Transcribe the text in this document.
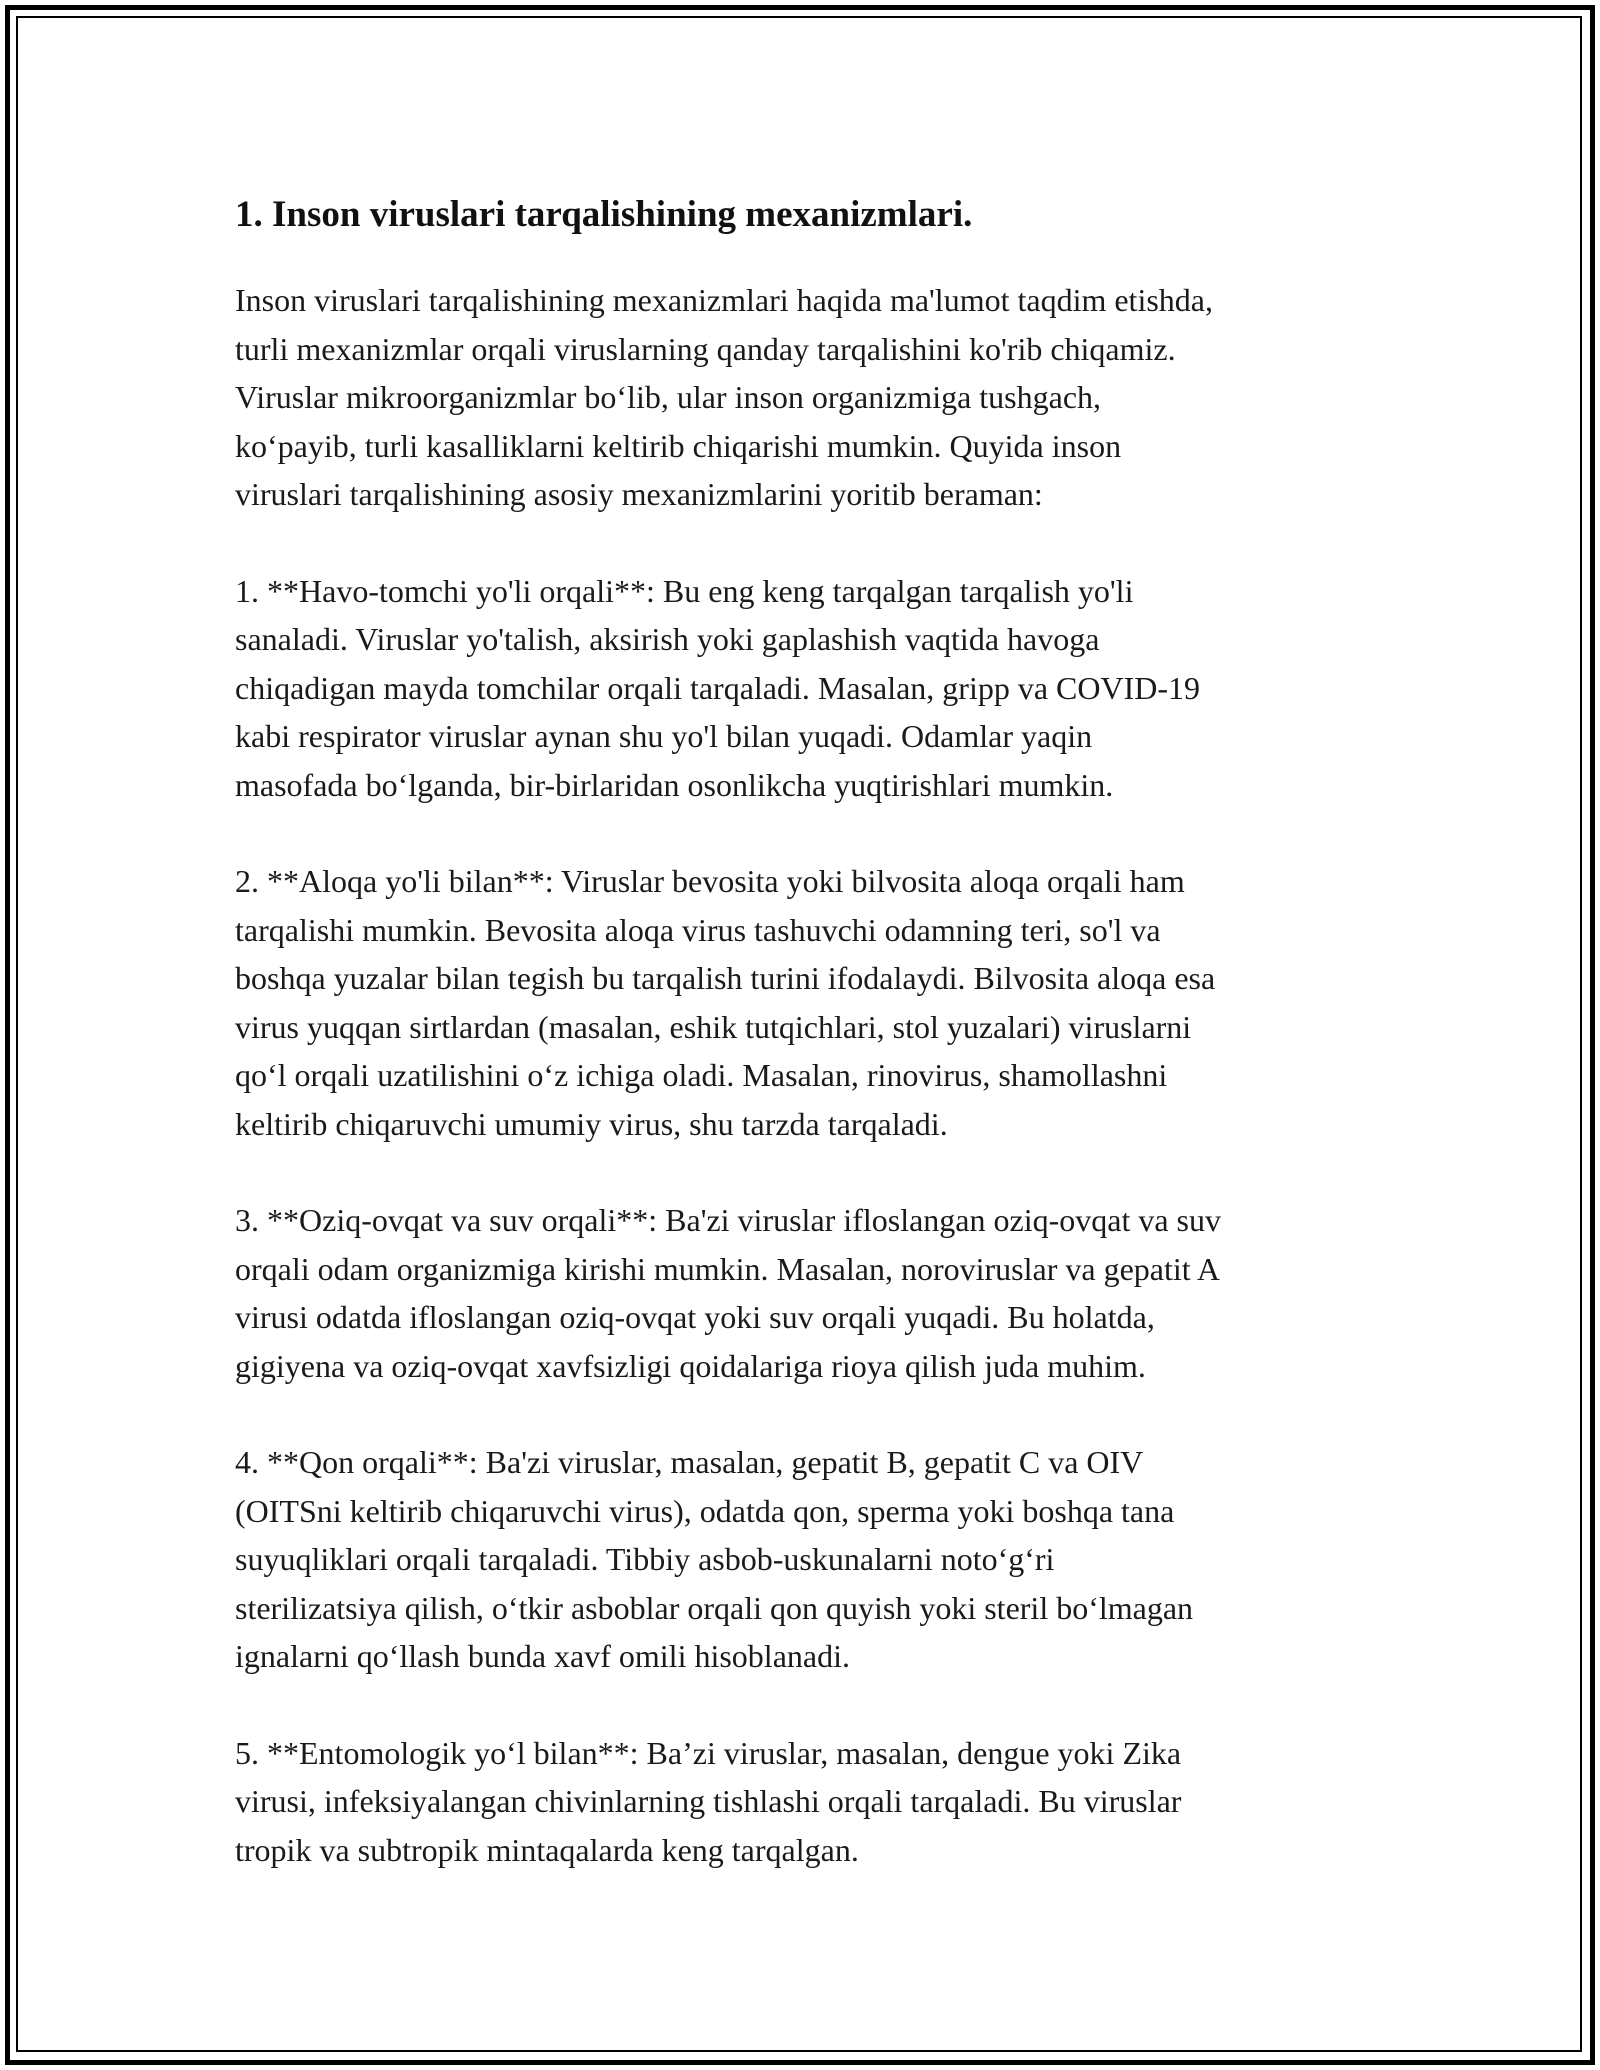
1. Inson viruslari tarqalishining mexanizmlari.

Inson viruslari tarqalishining mexanizmlari haqida ma'lumot taqdim etishda,
turli mexanizmlar orqali viruslarning qanday tarqalishini ko'rib chiqamiz.
Viruslar mikroorganizmlar bo‘lib, ular inson organizmiga tushgach,
ko‘payib, turli kasalliklarni keltirib chiqarishi mumkin. Quyida inson
viruslari tarqalishining asosiy mexanizmlarini yoritib beraman:

1. **Havo-tomchi yo'li orqali**: Bu eng keng tarqalgan tarqalish yo'li
sanaladi. Viruslar yo'talish, aksirish yoki gaplashish vaqtida havoga
chiqadigan mayda tomchilar orqali tarqaladi. Masalan, gripp va COVID-19
kabi respirator viruslar aynan shu yo'l bilan yuqadi. Odamlar yaqin
masofada bo‘lganda, bir-birlaridan osonlikcha yuqtirishlari mumkin.

2. **Aloqa yo'li bilan**: Viruslar bevosita yoki bilvosita aloqa orqali ham
tarqalishi mumkin. Bevosita aloqa virus tashuvchi odamning teri, so'l va
boshqa yuzalar bilan tegish bu tarqalish turini ifodalaydi. Bilvosita aloqa esa
virus yuqqan sirtlardan (masalan, eshik tutqichlari, stol yuzalari) viruslarni
qo‘l orqali uzatilishini o‘z ichiga oladi. Masalan, rinovirus, shamollashni
keltirib chiqaruvchi umumiy virus, shu tarzda tarqaladi.

3. **Oziq-ovqat va suv orqali**: Ba'zi viruslar ifloslangan oziq-ovqat va suv
orqali odam organizmiga kirishi mumkin. Masalan, noroviruslar va gepatit A
virusi odatda ifloslangan oziq-ovqat yoki suv orqali yuqadi. Bu holatda,
gigiyena va oziq-ovqat xavfsizligi qoidalariga rioya qilish juda muhim.

4. **Qon orqali**: Ba'zi viruslar, masalan, gepatit B, gepatit C va OIV
(OITSni keltirib chiqaruvchi virus), odatda qon, sperma yoki boshqa tana
suyuqliklari orqali tarqaladi. Tibbiy asbob-uskunalarni noto‘g‘ri
sterilizatsiya qilish, o‘tkir asboblar orqali qon quyish yoki steril bo‘lmagan
ignalarni qo‘llash bunda xavf omili hisoblanadi.

5. **Entomologik yo‘l bilan**: Ba’zi viruslar, masalan, dengue yoki Zika
virusi, infeksiyalangan chivinlarning tishlashi orqali tarqaladi. Bu viruslar
tropik va subtropik mintaqalarda keng tarqalgan.
